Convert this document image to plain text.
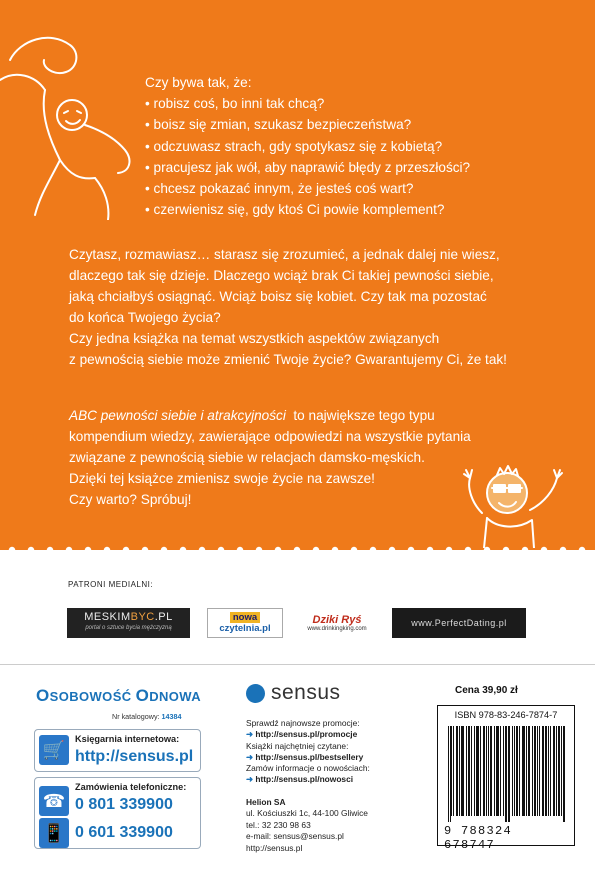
Czy bywa tak, że:
• robisz coś, bo inni tak chcą?
• boisz się zmian, szukasz bezpieczeństwa?
• odczuwasz strach, gdy spotykasz się z kobietą?
• pracujesz jak wół, aby naprawić błędy z przeszłości?
• chcesz pokazać innym, że jesteś coś wart?
• czerwienisz się, gdy ktoś Ci powie komplement?
Czytasz, rozmawiasz… starasz się zrozumieć, a jednak dalej nie wiesz,
dlaczego tak się dzieje. Dlaczego wciąż brak Ci takiej pewności siebie,
jaką chciałbyś osiągnąć. Wciąż boisz się kobiet. Czy tak ma pozostać
do końca Twojego życia?
Czy jedna książka na temat wszystkich aspektów związanych
z pewnością siebie może zmienić Twoje życie? Gwarantujemy Ci, że tak!
ABC pewności siebie i atrakcyjności  to największe tego typu
kompendium wiedzy, zawierające odpowiedzi na wszystkie pytania
związane z pewnością siebie w relacjach damsko-męskich.
Dzięki tej książce zmienisz swoje życie na zawsze!
Czy warto? Spróbuj!
PATRONI MEDIALNI:
MESKIMBYC.PL
portal o sztuce bycia mężczyzną
nowa
czytelnia.pl
Dziki Ryś
www.drinkingking.com
www.PerfectDating.pl
OSOBOWOŚĆ ODNOWA
Nr katalogowy: 14384
🛒
Księgarnia internetowa:
http://sensus.pl
Zamówienia telefoniczne:
☎ 0 801 339900
📱 0 601 339900
sensus
Sprawdź najnowsze promocje:
➜ http://sensus.pl/promocje
Książki najchętniej czytane:
➜ http://sensus.pl/bestsellery
Zamów informacje o nowościach:
➜ http://sensus.pl/nowosci
Helion SA
ul. Kościuszki 1c, 44-100 Gliwice
tel.: 32 230 98 63
e-mail: sensus@sensus.pl
http://sensus.pl
Cena 39,90 zł
ISBN 978-83-246-7874-7
9 788324 678747
